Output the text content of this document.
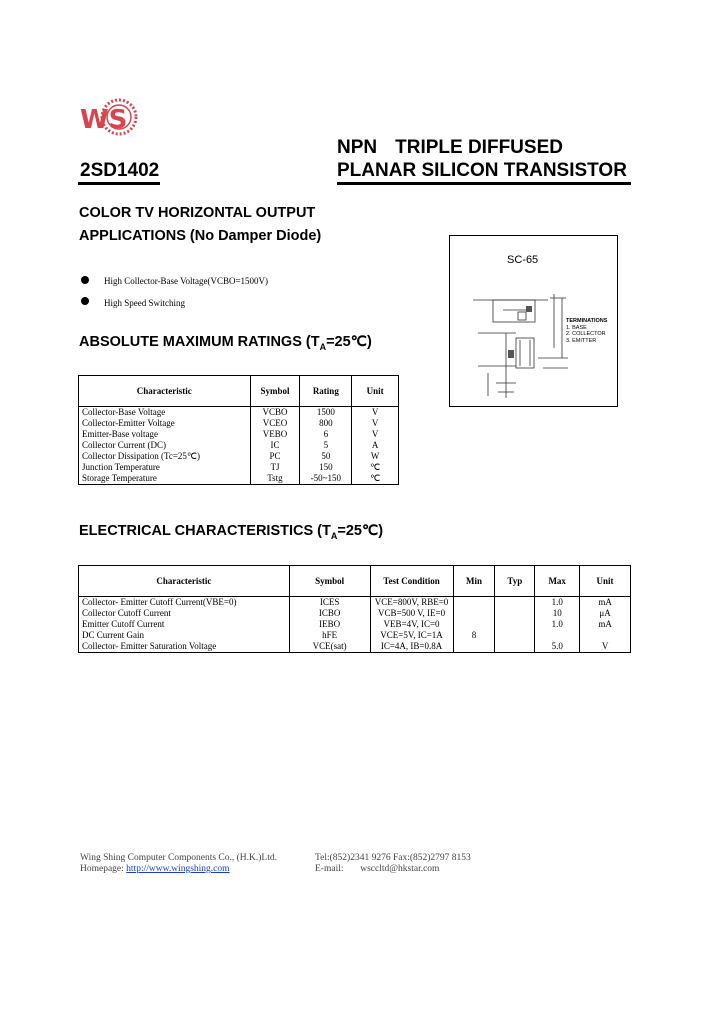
WS
2SD1402
NPN TRIPLE DIFFUSED
PLANAR SILICON TRANSISTOR
COLOR TV HORIZONTAL OUTPUT
APPLICATIONS (No Damper Diode)
High Collector-Base Voltage(VCBO=1500V)
High Speed Switching
SC-65
TERMINATIONS
1. BASE
2. COLLECTOR
3. EMITTER
ABSOLUTE MAXIMUM RATINGS $(T_A=25℃)$
Characteristic	Symbol	Rating	Unit
Collector-Base Voltage	VCBO	1500	V
Collector-Emitter Voltage	VCEO	800	V
Emitter-Base voltage	VEBO	6	V
Collector Current (DC)	IC	5	A
Collector Dissipation (Tc=25℃)	PC	50	W
Junction Temperature	TJ	150	℃
Storage Temperature	Tstg	-50~150	℃
ELECTRICAL CHARACTERISTICS $(T_A=25℃)$
Characteristic	Symbol	Test Condition	Min	Typ	Max	Unit
Collector- Emitter Cutoff Current(VBE=0)	ICES	VCE=800V, RBE=0			1.0	mA
Collector Cutoff Current	ICBO	VCB=500 V, IE=0			10	μA
Emitter Cutoff Current	IEBO	VEB=4V, IC=0			1.0	mA
DC Current Gain	hFE	VCE=5V, IC=1A	8			
Collector- Emitter Saturation Voltage	VCE(sat)	IC=4A, IB=0.8A			5.0	V
Wing Shing Computer Components Co., (H.K.)Ltd.	Tel:(852)2341 9276 Fax:(852)2797 8153
Homepage: http://www.wingshing.com	E-mail: wsccltd@hkstar.com
